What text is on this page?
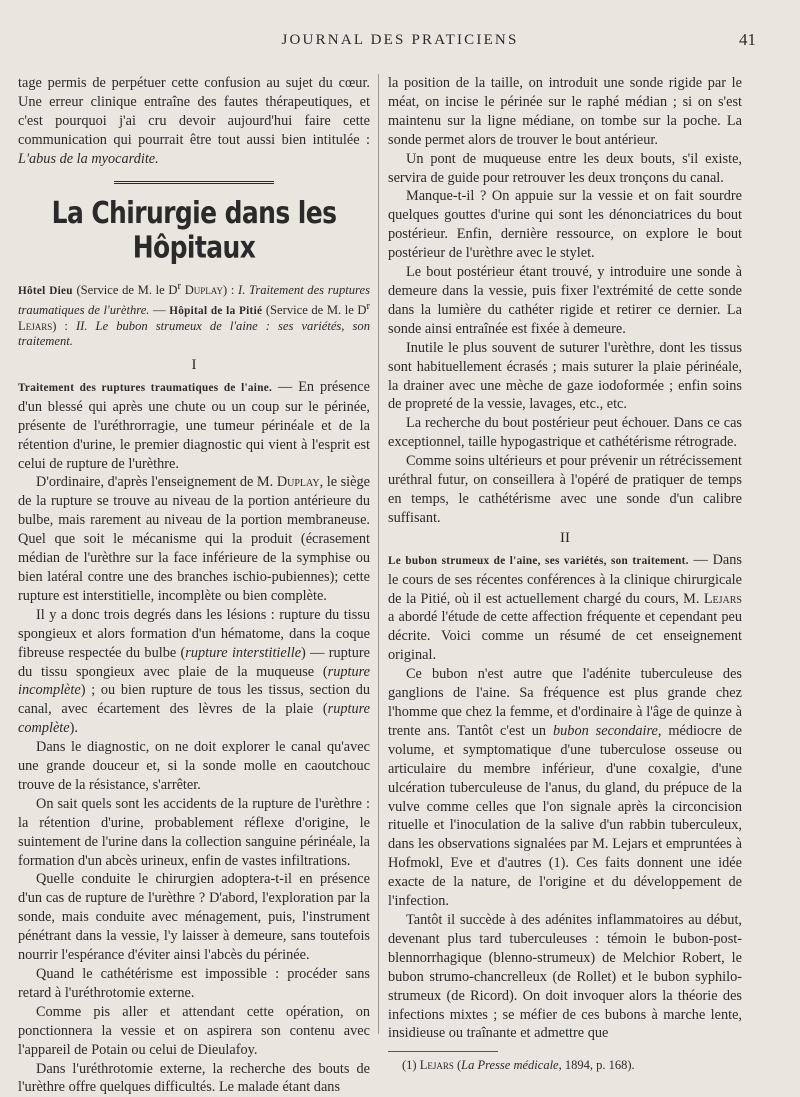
JOURNAL DES PRATICIENS	41

tage permis de perpétuer cette confusion au sujet du cœur. Une erreur clinique entraîne des fautes thérapeutiques, et c'est pourquoi j'ai cru devoir aujourd'hui faire cette communication qui pourrait être tout aussi bien intitulée : L'abus de la myocardite.

La Chirurgie dans les Hôpitaux

Hôtel Dieu (Service de M. le $D^r$ Duplay) : I. Traitement des ruptures traumatiques de l'urèthre. — Hôpital de la Pitié (Service de M. le $D^r$ Lejars) : II. Le bubon strumeux de l'aine : ses variétés, son traitement.

I

Traitement des ruptures traumatiques de l'aine. — En présence d'un blessé qui après une chute ou un coup sur le périnée, présente de l'uréthrorragie, une tumeur périnéale et de la rétention d'urine, le premier diagnostic qui vient à l'esprit est celui de rupture de l'urèthre.

D'ordinaire, d'après l'enseignement de M. Duplay, le siège de la rupture se trouve au niveau de la portion antérieure du bulbe, mais rarement au niveau de la portion membraneuse. Quel que soit le mécanisme qui la produit (écrasement médian de l'urèthre sur la face inférieure de la symphise ou bien latéral contre une des branches ischio-pubiennes); cette rupture est interstitielle, incomplète ou bien complète.

Il y a donc trois degrés dans les lésions : rupture du tissu spongieux et alors formation d'un hématome, dans la coque fibreuse respectée du bulbe (rupture interstitielle) — rupture du tissu spongieux avec plaie de la muqueuse (rupture incomplète) ; ou bien rupture de tous les tissus, section du canal, avec écartement des lèvres de la plaie (rupture complète).

Dans le diagnostic, on ne doit explorer le canal qu'avec une grande douceur et, si la sonde molle en caoutchouc trouve de la résistance, s'arrêter.

On sait quels sont les accidents de la rupture de l'urèthre : la rétention d'urine, probablement réflexe d'origine, le suintement de l'urine dans la collection sanguine périnéale, la formation d'un abcès urineux, enfin de vastes infiltrations.

Quelle conduite le chirurgien adoptera-t-il en présence d'un cas de rupture de l'urèthre ? D'abord, l'exploration par la sonde, mais conduite avec ménagement, puis, l'instrument pénétrant dans la vessie, l'y laisser à demeure, sans toutefois nourrir l'espérance d'éviter ainsi l'abcès du périnée.

Quand le cathétérisme est impossible : procéder sans retard à l'uréthrotomie externe.

Comme pis aller et attendant cette opération, on ponctionnera la vessie et on aspirera son contenu avec l'appareil de Potain ou celui de Dieulafoy.

Dans l'uréthrotomie externe, la recherche des bouts de l'urèthre offre quelques difficultés. Le malade étant dans

la position de la taille, on introduit une sonde rigide par le méat, on incise le périnée sur le raphé médian ; si on s'est maintenu sur la ligne médiane, on tombe sur la poche. La sonde permet alors de trouver le bout antérieur.

Un pont de muqueuse entre les deux bouts, s'il existe, servira de guide pour retrouver les deux tronçons du canal.

Manque-t-il ? On appuie sur la vessie et on fait sourdre quelques gouttes d'urine qui sont les dénonciatrices du bout postérieur. Enfin, dernière ressource, on explore le bout postérieur de l'urèthre avec le stylet.

Le bout postérieur étant trouvé, y introduire une sonde à demeure dans la vessie, puis fixer l'extrémité de cette sonde dans la lumière du cathéter rigide et retirer ce dernier. La sonde ainsi entraînée est fixée à demeure.

Inutile le plus souvent de suturer l'urèthre, dont les tissus sont habituellement écrasés ; mais suturer la plaie périnéale, la drainer avec une mèche de gaze iodoformée ; enfin soins de propreté de la vessie, lavages, etc., etc.

La recherche du bout postérieur peut échouer. Dans ce cas exceptionnel, taille hypogastrique et cathétérisme rétrograde.

Comme soins ultérieurs et pour prévenir un rétrécissement uréthral futur, on conseillera à l'opéré de pratiquer de temps en temps, le cathétérisme avec une sonde d'un calibre suffisant.

II

Le bubon strumeux de l'aine, ses variétés, son traitement. — Dans le cours de ses récentes conférences à la clinique chirurgicale de la Pitié, où il est actuellement chargé du cours, M. Lejars a abordé l'étude de cette affection fréquente et cependant peu décrite. Voici comme un résumé de cet enseignement original.

Ce bubon n'est autre que l'adénite tuberculeuse des ganglions de l'aine. Sa fréquence est plus grande chez l'homme que chez la femme, et d'ordinaire à l'âge de quinze à trente ans. Tantôt c'est un bubon secondaire, médiocre de volume, et symptomatique d'une tuberculose osseuse ou articulaire du membre inférieur, d'une coxalgie, d'une ulcération tuberculeuse de l'anus, du gland, du prépuce de la vulve comme celles que l'on signale après la circoncision rituelle et l'inoculation de la salive d'un rabbin tuberculeux, dans les observations signalées par M. Lejars et empruntées à Hofmokl, Eve et d'autres (1). Ces faits donnent une idée exacte de la nature, de l'origine et du développement de l'infection.

Tantôt il succède à des adénites inflammatoires au début, devenant plus tard tuberculeuses : témoin le bubon-post-blennorrhagique (blenno-strumeux) de Melchior Robert, le bubon strumo-chancrelleux (de Rollet) et le bubon syphilo-strumeux (de Ricord). On doit invoquer alors la théorie des infections mixtes ; se méfier de ces bubons à marche lente, insidieuse ou traînante et admettre que

(1) Lejars (La Presse médicale, 1894, p. 168).
